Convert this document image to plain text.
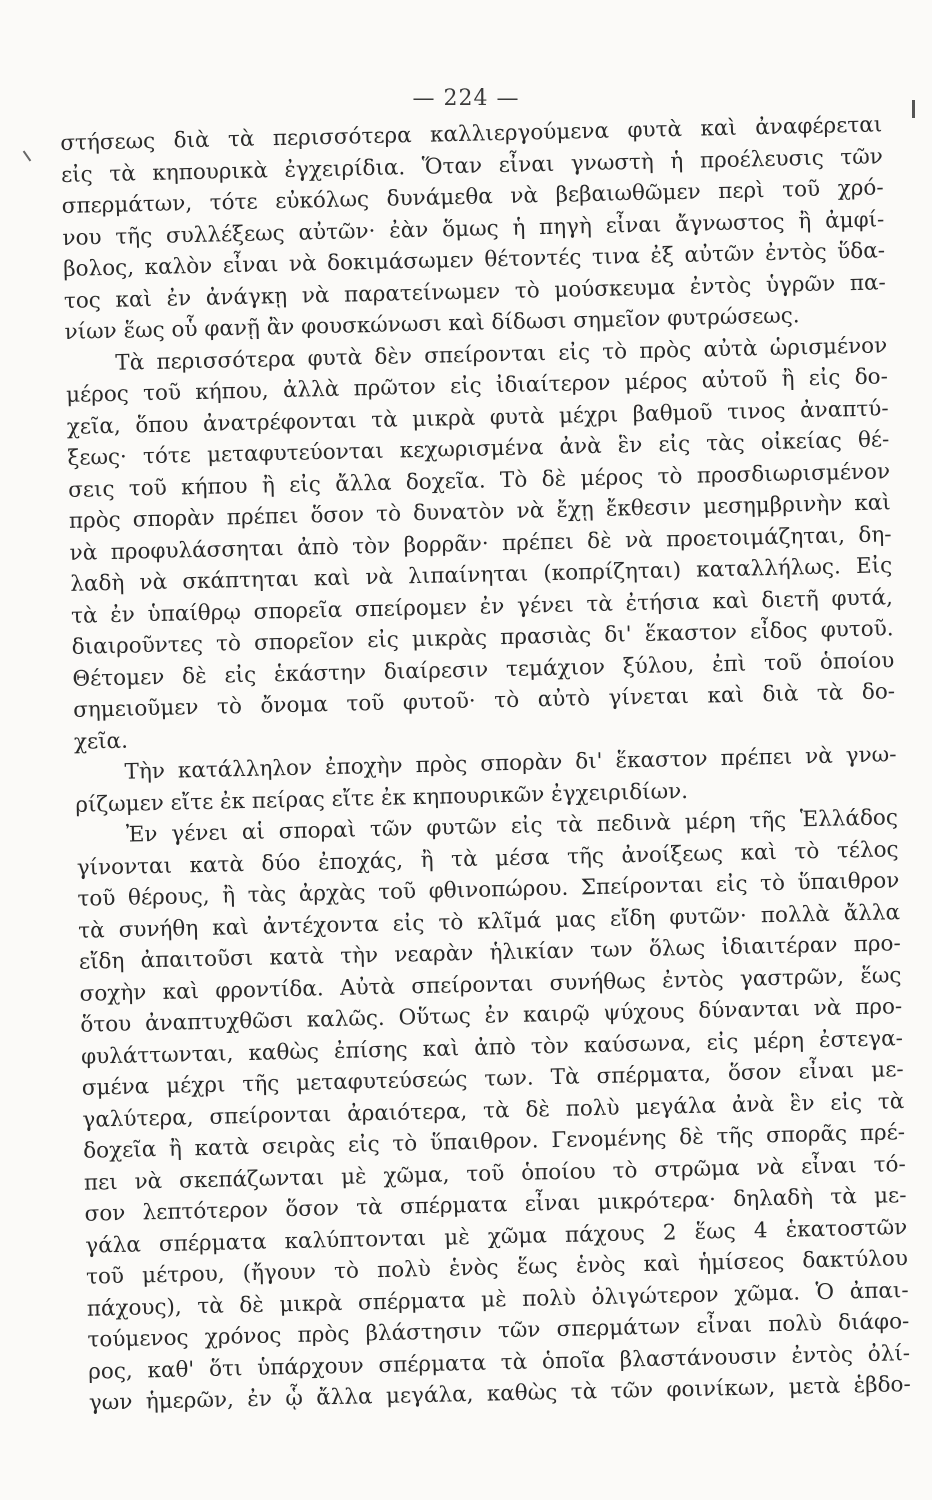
— 224 —
στήσεως διὰ τὰ περισσότερα καλλιεργούμενα φυτὰ καὶ ἀναφέρεται
εἰς τὰ κηπουρικὰ ἐγχειρίδια. Ὅταν εἶναι γνωστὴ ἡ προέλευσις τῶν
σπερμάτων, τότε εὐκόλως δυνάμεθα νὰ βεβαιωθῶμεν περὶ τοῦ χρό-
νου τῆς συλλέξεως αὐτῶν· ἐὰν ὅμως ἡ πηγὴ εἶναι ἄγνωστος ἢ ἀμφί-
βολος, καλὸν εἶναι νὰ δοκιμάσωμεν θέτοντές τινα ἐξ αὐτῶν ἐντὸς ὕδα-
τος καὶ ἐν ἀνάγκῃ νὰ παρατείνωμεν τὸ μούσκευμα ἐντὸς ὑγρῶν πα-
νίων ἕως οὗ φανῇ ἂν φουσκώνωσι καὶ δίδωσι σημεῖον φυτρώσεως.
Τὰ περισσότερα φυτὰ δὲν σπείρονται εἰς τὸ πρὸς αὐτὰ ὡρισμένον
μέρος τοῦ κήπου, ἀλλὰ πρῶτον εἰς ἰδιαίτερον μέρος αὐτοῦ ἢ εἰς δο-
χεῖα, ὅπου ἀνατρέφονται τὰ μικρὰ φυτὰ μέχρι βαθμοῦ τινος ἀναπτύ-
ξεως· τότε μεταφυτεύονται κεχωρισμένα ἀνὰ ἓν εἰς τὰς οἰκείας θέ-
σεις τοῦ κήπου ἢ εἰς ἄλλα δοχεῖα. Τὸ δὲ μέρος τὸ προσδιωρισμένον
πρὸς σπορὰν πρέπει ὅσον τὸ δυνατὸν νὰ ἔχῃ ἔκθεσιν μεσημβρινὴν καὶ
νὰ προφυλάσσηται ἀπὸ τὸν βορρᾶν· πρέπει δὲ νὰ προετοιμάζηται, δη-
λαδὴ νὰ σκάπτηται καὶ νὰ λιπαίνηται (κοπρίζηται) καταλλήλως. Εἰς
τὰ ἐν ὑπαίθρῳ σπορεῖα σπείρομεν ἐν γένει τὰ ἐτήσια καὶ διετῆ φυτά,
διαιροῦντες τὸ σπορεῖον εἰς μικρὰς πρασιὰς δι' ἕκαστον εἶδος φυτοῦ.
Θέτομεν δὲ εἰς ἑκάστην διαίρεσιν τεμάχιον ξύλου, ἐπὶ τοῦ ὁποίου
σημειοῦμεν τὸ ὄνομα τοῦ φυτοῦ· τὸ αὐτὸ γίνεται καὶ διὰ τὰ δο-
χεῖα.
Τὴν κατάλληλον ἐποχὴν πρὸς σπορὰν δι' ἕκαστον πρέπει νὰ γνω-
ρίζωμεν εἴτε ἐκ πείρας εἴτε ἐκ κηπουρικῶν ἐγχειριδίων.
Ἐν γένει αἱ σποραὶ τῶν φυτῶν εἰς τὰ πεδινὰ μέρη τῆς Ἑλλάδος
γίνονται κατὰ δύο ἐποχάς, ἢ τὰ μέσα τῆς ἀνοίξεως καὶ τὸ τέλος
τοῦ θέρους, ἢ τὰς ἀρχὰς τοῦ φθινοπώρου. Σπείρονται εἰς τὸ ὕπαιθρον
τὰ συνήθη καὶ ἀντέχοντα εἰς τὸ κλῖμά μας εἴδη φυτῶν· πολλὰ ἄλλα
εἴδη ἀπαιτοῦσι κατὰ τὴν νεαρὰν ἡλικίαν των ὅλως ἰδιαιτέραν προ-
σοχὴν καὶ φροντίδα. Αὐτὰ σπείρονται συνήθως ἐντὸς γαστρῶν, ἕως
ὅτου ἀναπτυχθῶσι καλῶς. Οὕτως ἐν καιρῷ ψύχους δύνανται νὰ προ-
φυλάττωνται, καθὼς ἐπίσης καὶ ἀπὸ τὸν καύσωνα, εἰς μέρη ἐστεγα-
σμένα μέχρι τῆς μεταφυτεύσεώς των. Τὰ σπέρματα, ὅσον εἶναι με-
γαλύτερα, σπείρονται ἀραιότερα, τὰ δὲ πολὺ μεγάλα ἀνὰ ἓν εἰς τὰ
δοχεῖα ἢ κατὰ σειρὰς εἰς τὸ ὕπαιθρον. Γενομένης δὲ τῆς σπορᾶς πρέ-
πει νὰ σκεπάζωνται μὲ χῶμα, τοῦ ὁποίου τὸ στρῶμα νὰ εἶναι τό-
σον λεπτότερον ὅσον τὰ σπέρματα εἶναι μικρότερα· δηλαδὴ τὰ με-
γάλα σπέρματα καλύπτονται μὲ χῶμα πάχους 2 ἕως 4 ἑκατοστῶν
τοῦ μέτρου, (ἤγουν τὸ πολὺ ἑνὸς ἕως ἑνὸς καὶ ἡμίσεος δακτύλου
πάχους), τὰ δὲ μικρὰ σπέρματα μὲ πολὺ ὀλιγώτερον χῶμα. Ὁ ἀπαι-
τούμενος χρόνος πρὸς βλάστησιν τῶν σπερμάτων εἶναι πολὺ διάφο-
ρος, καθ' ὅτι ὑπάρχουν σπέρματα τὰ ὁποῖα βλαστάνουσιν ἐντὸς ὀλί-
γων ἡμερῶν, ἐν ᾧ ἄλλα μεγάλα, καθὼς τὰ τῶν φοινίκων, μετὰ ἑβδο-
